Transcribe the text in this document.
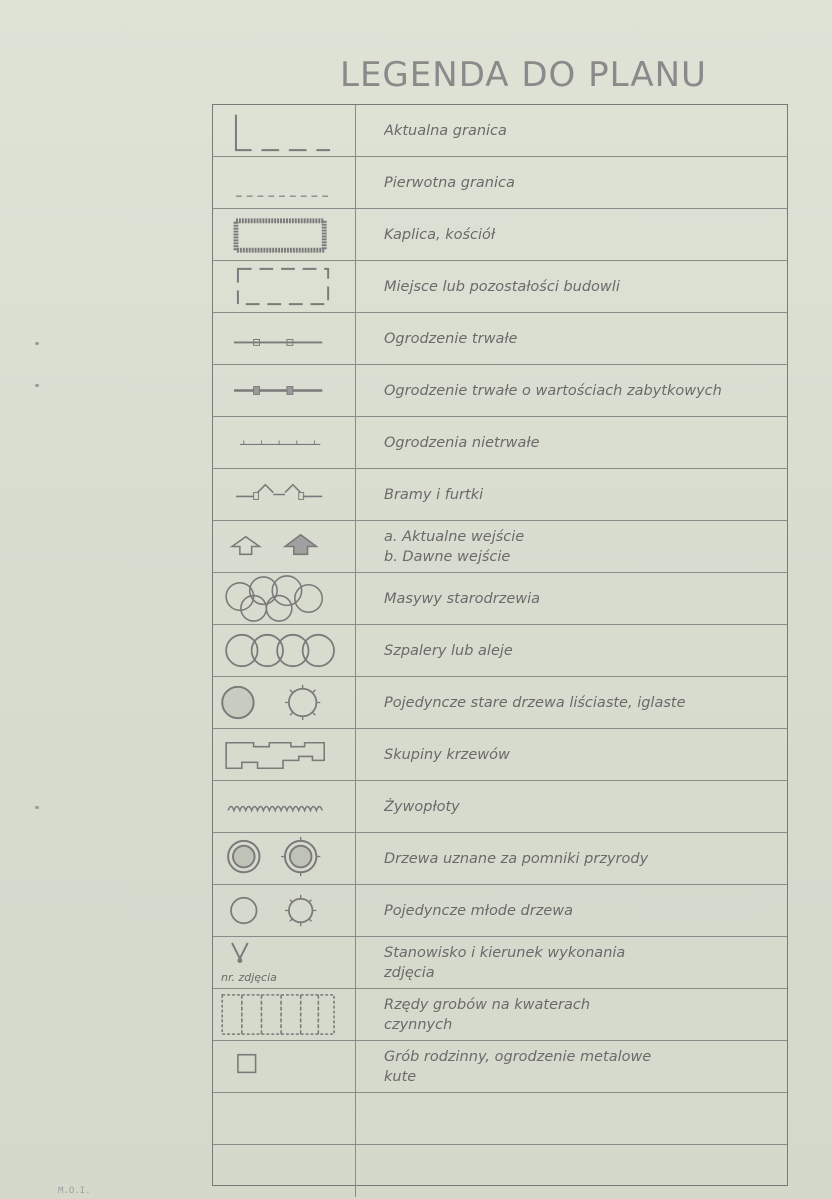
LEGENDA DO PLANU
Aktualna granica
Pierwotna granica
Kaplica, kościół
Miejsce lub pozostałości budowli
Ogrodzenie trwałe
Ogrodzenie trwałe o wartościach zabytkowych
Ogrodzenia nietrwałe
Bramy i furtki
a. Aktualne wejście
b. Dawne wejście
Masywy starodrzewia
Szpalery lub aleje
Pojedyncze stare drzewa liściaste, iglaste
Skupiny krzewów
Żywopłoty
Drzewa uznane za pomniki przyrody
Pojedyncze młode drzewa
nr. zdjęcia
Stanowisko i kierunek wykonania
zdjęcia
Rzędy grobów na kwaterach
czynnych
Grób rodzinny, ogrodzenie metalowe
kute
M.O.I.
